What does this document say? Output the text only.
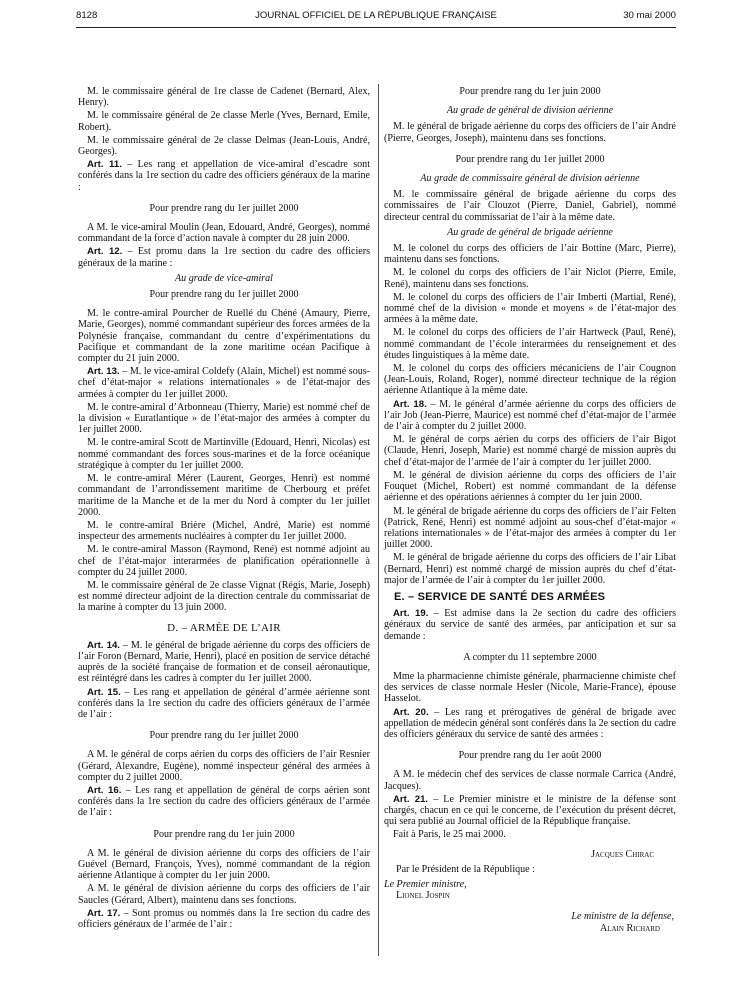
8128	JOURNAL OFFICIEL DE LA RÉPUBLIQUE FRANÇAISE	30 mai 2000

M. le commissaire général de 1re classe de Cadenet (Bernard, Alex, Henry).

M. le commissaire général de 2e classe Merle (Yves, Bernard, Emile, Robert).

M. le commissaire général de 2e classe Delmas (Jean-Louis, André, Georges).

Art. 11. – Les rang et appellation de vice-amiral d’escadre sont conférés dans la 1re section du cadre des officiers généraux de la marine :

Pour prendre rang du 1er juillet 2000

A M. le vice-amiral Moulin (Jean, Edouard, André, Georges), nommé commandant de la force d’action navale à compter du 28 juin 2000.

Art. 12. – Est promu dans la 1re section du cadre des officiers généraux de la marine :

Au grade de vice-amiral

Pour prendre rang du 1er juillet 2000

M. le contre-amiral Pourcher de Ruellé du Chéné (Amaury, Pierre, Marie, Georges), nommé commandant supérieur des forces armées de la Polynésie française, commandant du centre d’expérimentations du Pacifique et commandant de la zone maritime océan Pacifique à compter du 21 juin 2000.

Art. 13. – M. le vice-amiral Coldefy (Alain, Michel) est nommé sous-chef d’état-major « relations internationales » de l’état-major des armées à compter du 1er juillet 2000.

M. le contre-amiral d’Arbonneau (Thierry, Marie) est nommé chef de la division « Euratlantique » de l’état-major des armées à compter du 1er juillet 2000.

M. le contre-amiral Scott de Martinville (Edouard, Henri, Nicolas) est nommé commandant des forces sous-marines et de la force océanique stratégique à compter du 1er juillet 2000.

M. le contre-amiral Mérer (Laurent, Georges, Henri) est nommé commandant de l’arrondissement maritime de Cherbourg et préfet maritime de la Manche et de la mer du Nord à compter du 1er juillet 2000.

M. le contre-amiral Brière (Michel, André, Marie) est nommé inspecteur des armements nucléaires à compter du 1er juillet 2000.

M. le contre-amiral Masson (Raymond, René) est nommé adjoint au chef de l’état-major interarmées de planification opérationnelle à compter du 24 juillet 2000.

M. le commissaire général de 2e classe Vignat (Régis, Marie, Joseph) est nommé directeur adjoint de la direction centrale du commissariat de la marine à compter du 13 juin 2000.

D. – ARMÉE DE L’AIR

Art. 14. – M. le général de brigade aérienne du corps des officiers de l’air Foron (Bernard, Marie, Henri), placé en position de service détaché auprès de la société française de formation et de conseil aéronautique, est réintégré dans les cadres à compter du 1er juillet 2000.

Art. 15. – Les rang et appellation de général d’armée aérienne sont conférés dans la 1re section du cadre des officiers généraux de l’armée de l’air :

Pour prendre rang du 1er juillet 2000

A M. le général de corps aérien du corps des officiers de l’air Resnier (Gérard, Alexandre, Eugène), nommé inspecteur général des armées à compter du 2 juillet 2000.

Art. 16. – Les rang et appellation de général de corps aérien sont conférés dans la 1re section du cadre des officiers généraux de l’armée de l’air :

Pour prendre rang du 1er juin 2000

A M. le général de division aérienne du corps des officiers de l’air Guével (Bernard, François, Yves), nommé commandant de la région aérienne Atlantique à compter du 1er juin 2000.

A M. le général de division aérienne du corps des officiers de l’air Saucles (Gérard, Albert), maintenu dans ses fonctions.

Art. 17. – Sont promus ou nommés dans la 1re section du cadre des officiers généraux de l’armée de l’air :

Pour prendre rang du 1er juin 2000

Au grade de général de division aérienne

M. le général de brigade aérienne du corps des officiers de l’air André (Pierre, Georges, Joseph), maintenu dans ses fonctions.

Pour prendre rang du 1er juillet 2000

Au grade de commissaire général de division aérienne

M. le commissaire général de brigade aérienne du corps des commissaires de l’air Clouzot (Pierre, Daniel, Gabriel), nommé directeur central du commissariat de l’air à la même date.

Au grade de général de brigade aérienne

M. le colonel du corps des officiers de l’air Bottine (Marc, Pierre), maintenu dans ses fonctions.

M. le colonel du corps des officiers de l’air Niclot (Pierre, Emile, René), maintenu dans ses fonctions.

M. le colonel du corps des officiers de l’air Imberti (Martial, René), nommé chef de la division « monde et moyens » de l’état-major des armées à la même date.

M. le colonel du corps des officiers de l’air Hartweck (Paul, René), nommé commandant de l’école interarmées du renseignement et des études linguistiques à la même date.

M. le colonel du corps des officiers mécaniciens de l’air Cougnon (Jean-Louis, Roland, Roger), nommé directeur technique de la région aérienne Atlantique à la même date.

Art. 18. – M. le général d’armée aérienne du corps des officiers de l’air Job (Jean-Pierre, Maurice) est nommé chef d’état-major de l’armée de l’air à compter du 2 juillet 2000.

M. le général de corps aérien du corps des officiers de l’air Bigot (Claude, Henri, Joseph, Marie) est nommé chargé de mission auprès du chef d’état-major de l’armée de l’air à compter du 1er juillet 2000.

M. le général de division aérienne du corps des officiers de l’air Fouquet (Michel, Robert) est nommé commandant de la défense aérienne et des opérations aériennes à compter du 1er juin 2000.

M. le général de brigade aérienne du corps des officiers de l’air Felten (Patrick, René, Henri) est nommé adjoint au sous-chef d’état-major « relations internationales » de l’état-major des armées à compter du 1er juillet 2000.

M. le général de brigade aérienne du corps des officiers de l’air Libat (Bernard, Henri) est nommé chargé de mission auprès du chef d’état-major de l’armée de l’air à compter du 1er juillet 2000.

E. – SERVICE DE SANTÉ DES ARMÉES

Art. 19. – Est admise dans la 2e section du cadre des officiers généraux du service de santé des armées, par anticipation et sur sa demande :

A compter du 11 septembre 2000

Mme la pharmacienne chimiste générale, pharmacienne chimiste chef des services de classe normale Hesler (Nicole, Marie-France), épouse Hasselot.

Art. 20. – Les rang et prérogatives de général de brigade avec appellation de médecin général sont conférés dans la 2e section du cadre des officiers généraux du service de santé des armées :

Pour prendre rang du 1er août 2000

A M. le médecin chef des services de classe normale Carrica (André, Jacques).

Art. 21. – Le Premier ministre et le ministre de la défense sont chargés, chacun en ce qui le concerne, de l’exécution du présent décret, qui sera publié au Journal officiel de la République française.

Fait à Paris, le 25 mai 2000.

Jacques Chirac
Par le Président de la République :
Le Premier ministre,
Lionel Jospin
Le ministre de la défense,
Alain Richard
